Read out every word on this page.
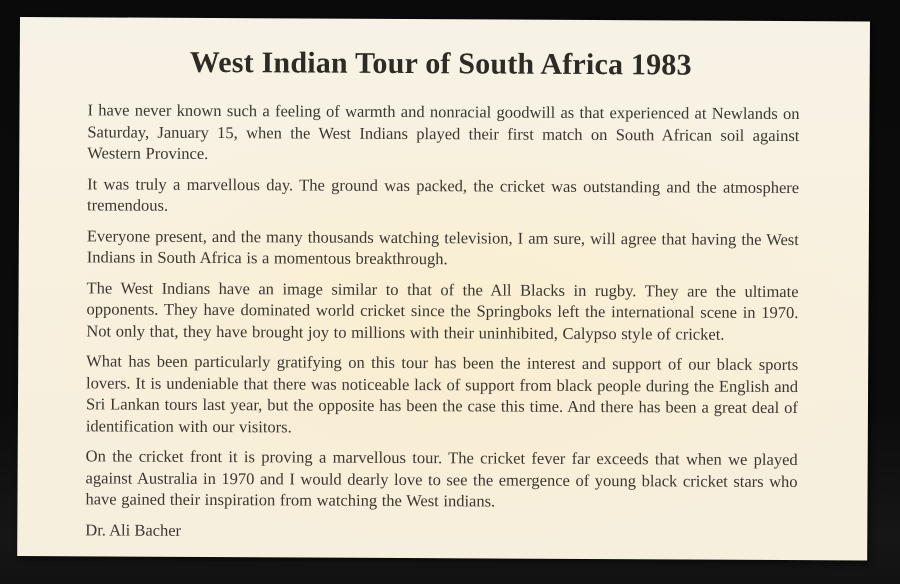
West Indian Tour of South Africa 1983

I have never known such a feeling of warmth and nonracial goodwill as that experienced at Newlands on Saturday, January 15, when the West Indians played their first match on South African soil against Western Province.

It was truly a marvellous day. The ground was packed, the cricket was outstanding and the atmosphere tremendous.

Everyone present, and the many thousands watching television, I am sure, will agree that having the West Indians in South Africa is a momentous breakthrough.

The West Indians have an image similar to that of the All Blacks in rugby. They are the ultimate opponents. They have dominated world cricket since the Springboks left the international scene in 1970. Not only that, they have brought joy to millions with their uninhibited, Calypso style of cricket.

What has been particularly gratifying on this tour has been the interest and support of our black sports lovers. It is undeniable that there was noticeable lack of support from black people during the English and Sri Lankan tours last year, but the opposite has been the case this time. And there has been a great deal of identification with our visitors.

On the cricket front it is proving a marvellous tour. The cricket fever far exceeds that when we played against Australia in 1970 and I would dearly love to see the emergence of young black cricket stars who have gained their inspiration from watching the West indians.

Dr. Ali Bacher
